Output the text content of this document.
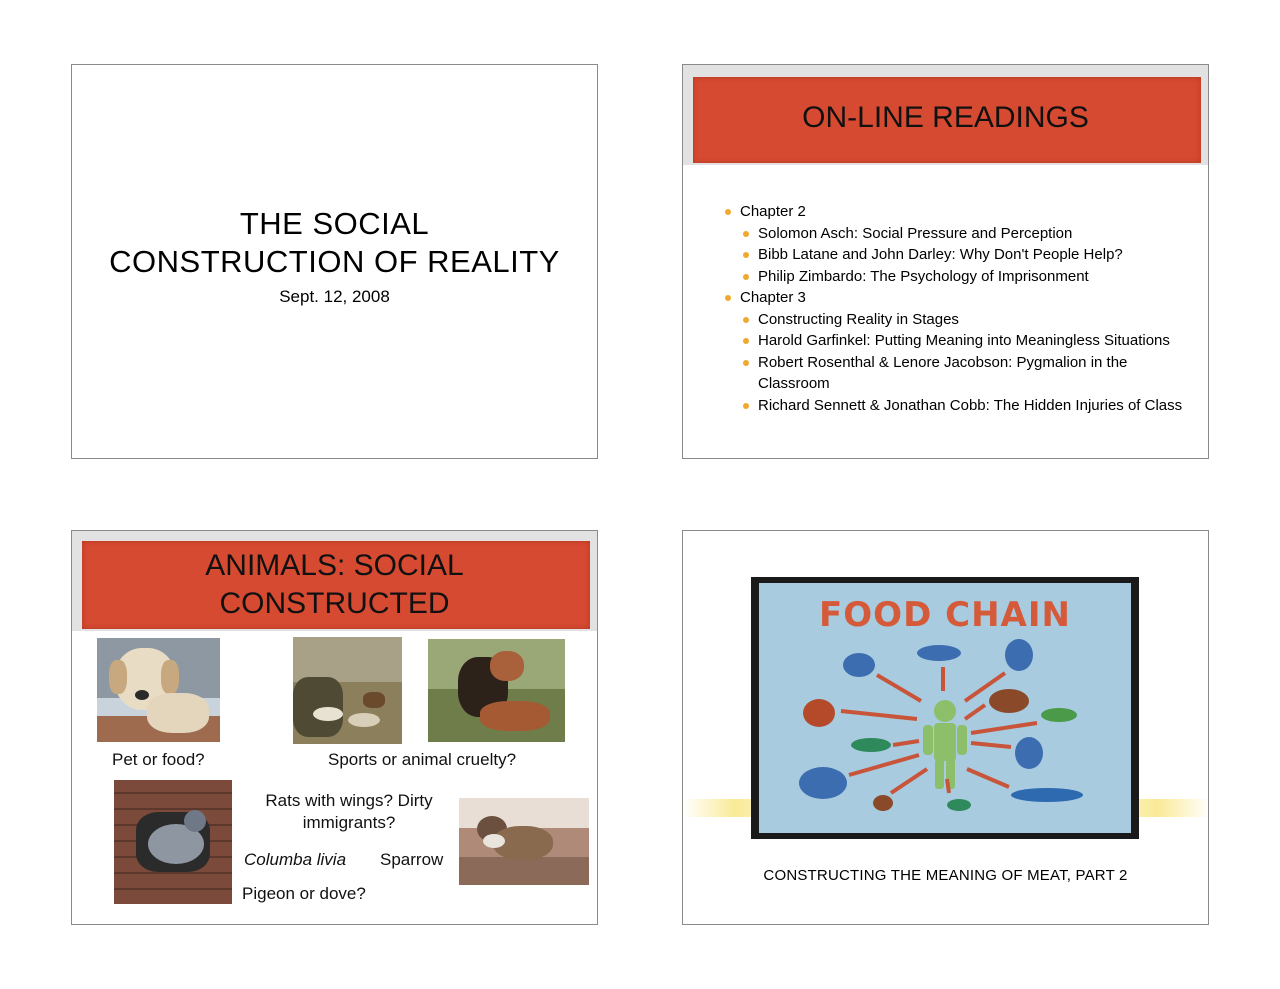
THE SOCIAL
CONSTRUCTION OF REALITY
Sept. 12, 2008
ON-LINE READINGS
Chapter 2
Solomon Asch: Social Pressure and Perception
Bibb Latane and John Darley: Why Don't People Help?
Philip Zimbardo: The Psychology of Imprisonment
Chapter 3
Constructing Reality in Stages
Harold Garfinkel: Putting Meaning into Meaningless Situations
Robert Rosenthal & Lenore Jacobson: Pygmalion in the Classroom
Richard Sennett & Jonathan Cobb: The Hidden Injuries of Class
ANIMALS: SOCIAL
CONSTRUCTED
Pet or food?	Sports or animal cruelty?
Rats with wings? Dirty
immigrants?
Columba livia Sparrow
Pigeon or dove?
FOOD CHAIN
CONSTRUCTING THE MEANING OF MEAT, PART 2
